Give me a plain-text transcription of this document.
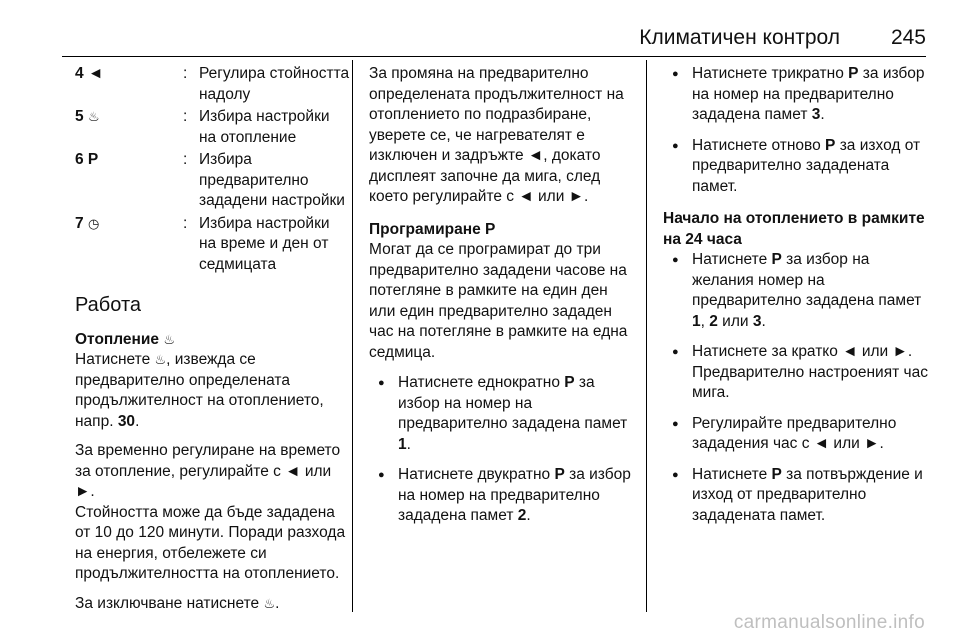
Климатичен контрол 245
4 ◄	: Регулира стойността надолу
5 ♨	: Избира настройки на отопление
6 P	: Избира предварително зададени настройки
7 ◷	: Избира настройки на време и ден от седмицата
Работа

Отопление ♨

Натиснете ♨, извежда се предварително определената продължителност на отоплението, напр. 30.

За временно регулиране на времето за отопление, регулирайте с ◄ или ►.

Стойността може да бъде зададена от 10 до 120 минути. Поради разхода на енергия, отбележете си продължителността на отоплението.

За изключване натиснете ♨.

За промяна на предварително определената продължителност на отоплението по подразбиране, уверете се, че нагревателят е изключен и задръжте ◄, докато дисплеят започне да мига, след което регулирайте с ◄ или ►.

Програмиране P

Могат да се програмират до три предварително зададени часове на потегляне в рамките на един ден или един предварително зададен час на потегляне в рамките на една седмица.

● Натиснете еднократно P за избор на номер на предварително зададена памет 1.
● Натиснете двукратно P за избор на номер на предварително зададена памет 2.
● Натиснете трикратно P за избор на номер на предварително зададена памет 3.
● Натиснете отново P за изход от предварително зададената памет.

Начало на отоплението в рамките на 24 часа

● Натиснете P за избор на желания номер на предварително зададена памет 1, 2 или 3.
● Натиснете за кратко ◄ или ►. Предварително настроеният час мига.
● Регулирайте предварително зададения час с ◄ или ►.
● Натиснете P за потвърждение и изход от предварително зададената памет.
carmanualsonline.info
